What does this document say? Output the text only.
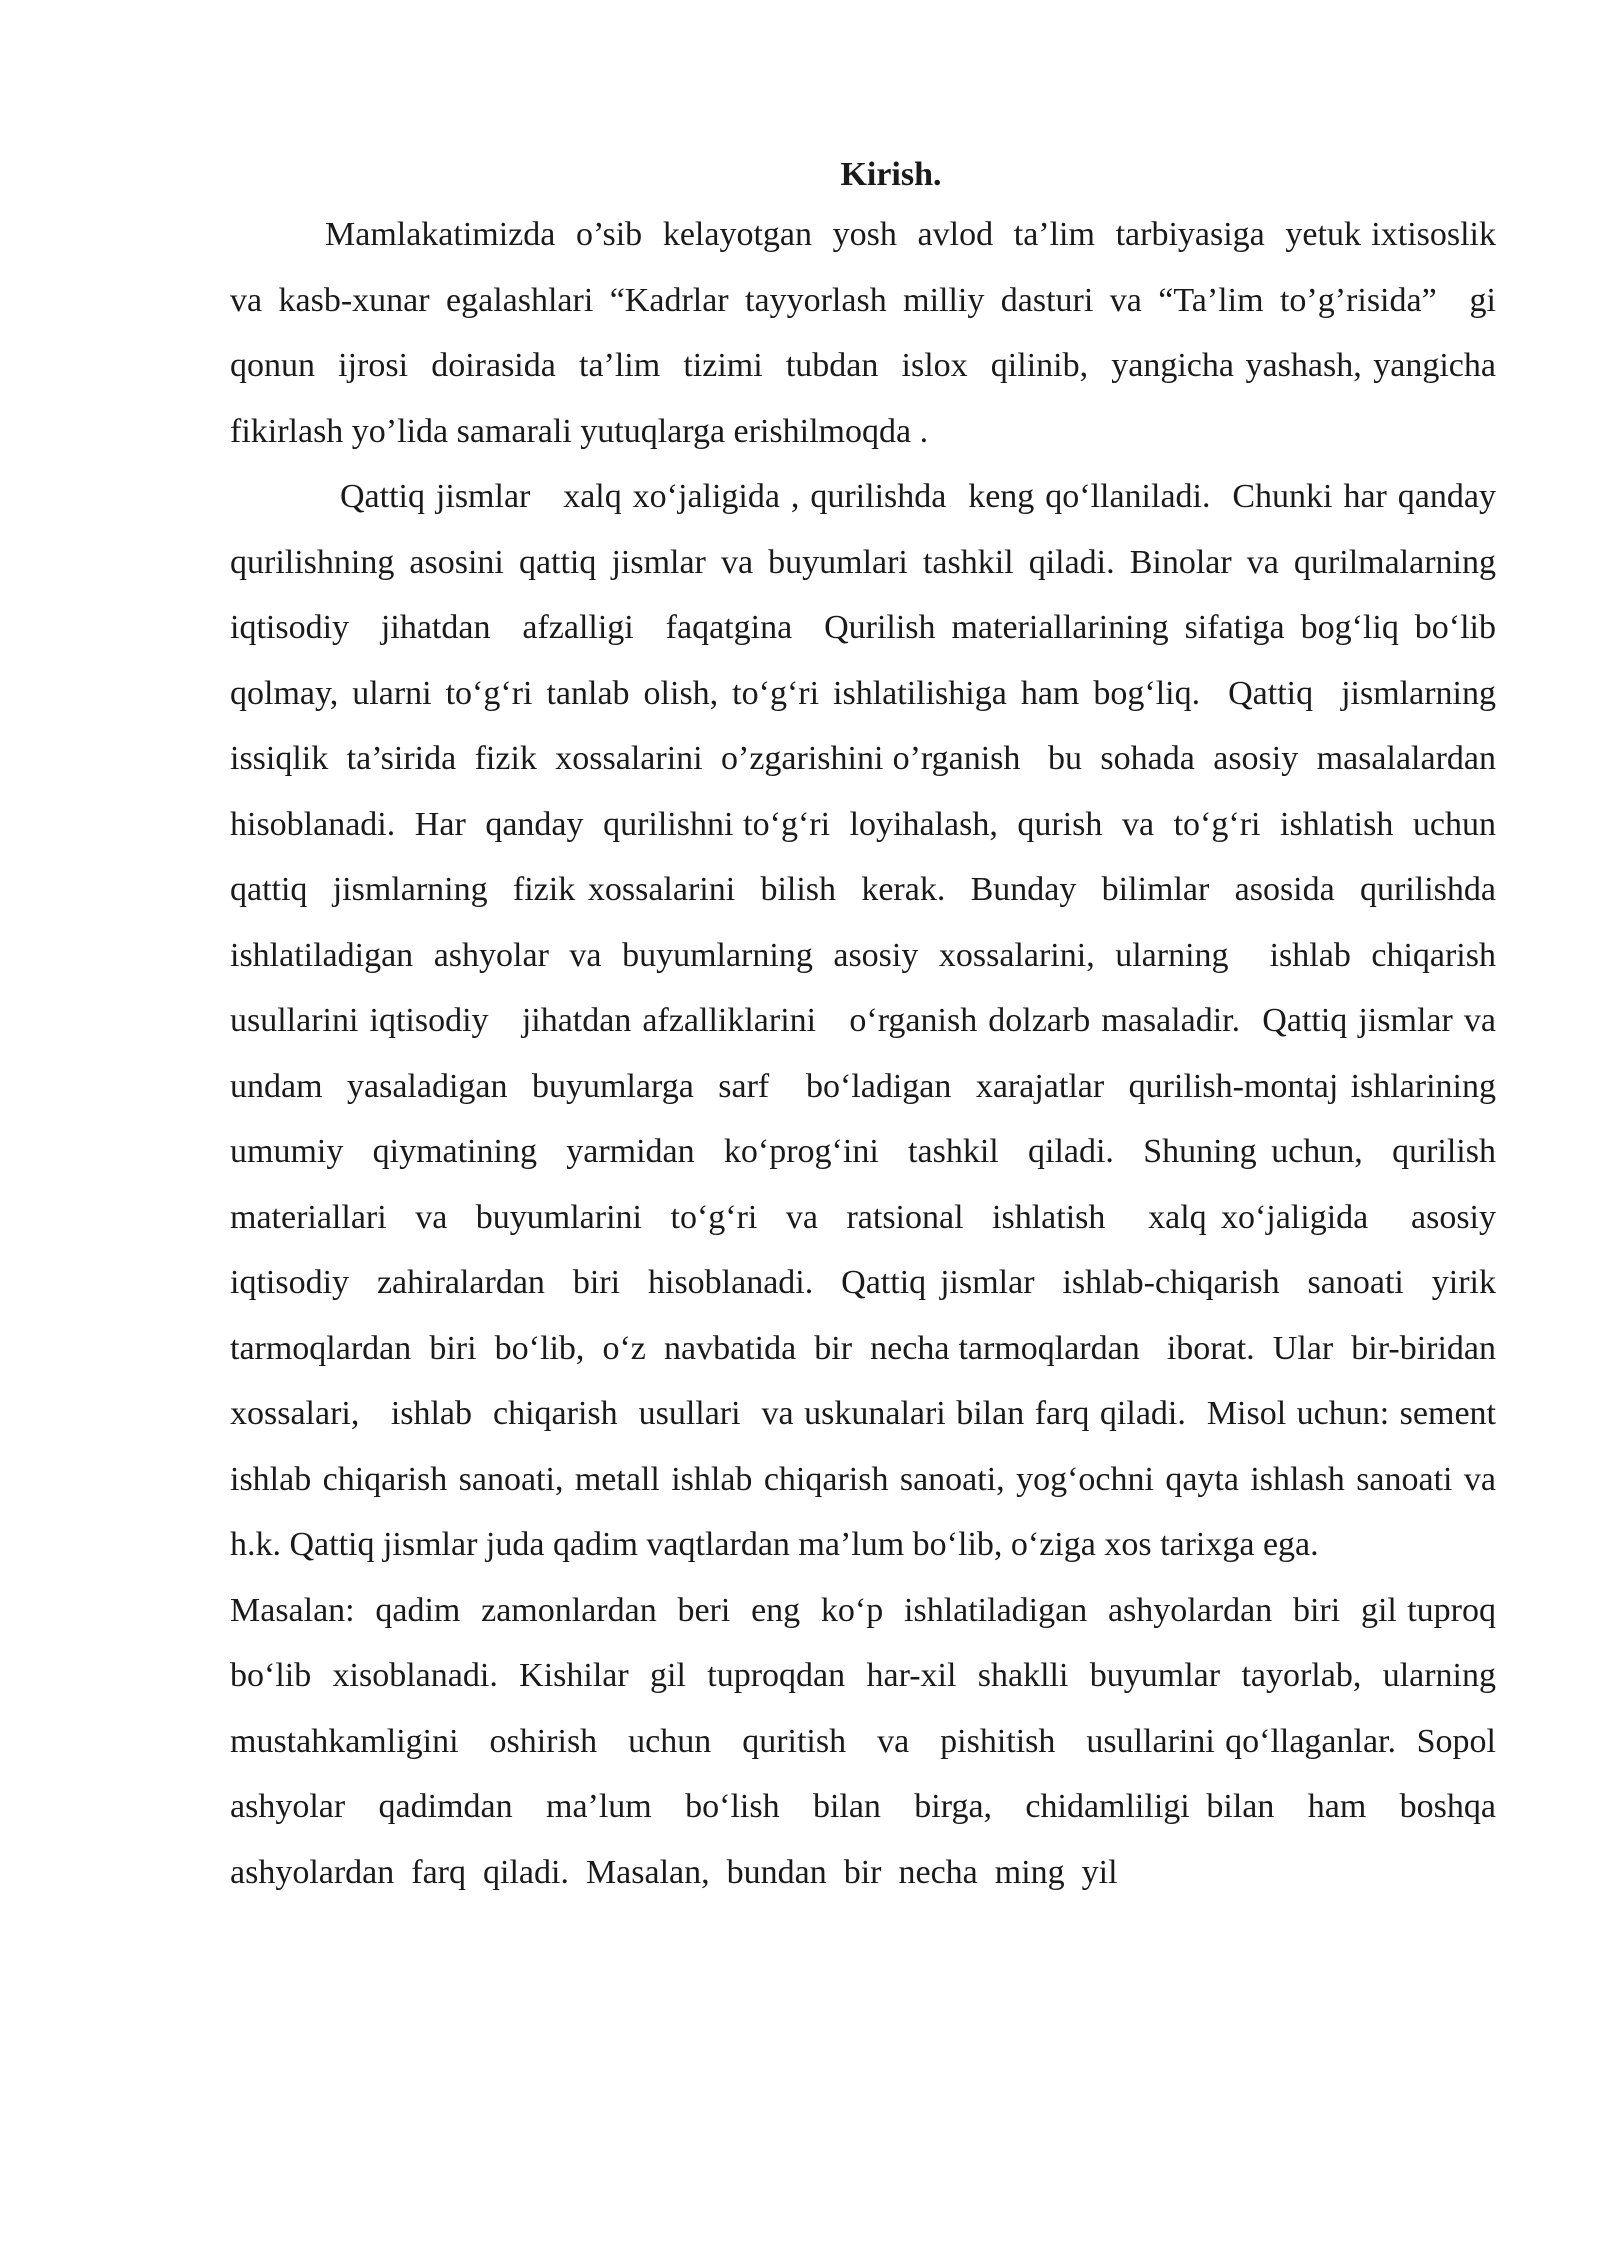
Kirish.

Mamlakatimizda  o’sib  kelayotgan  yosh  avlod  ta’lim  tarbiyasiga  yetuk ixtisoslik va kasb-xunar egalashlari “Kadrlar tayyorlash milliy dasturi va “Ta’lim to’g’risida”  gi  qonun  ijrosi  doirasida  ta’lim  tizimi  tubdan  islox  qilinib,  yangicha yashash, yangicha fikirlash yo’lida samarali yutuqlarga erishilmoqda .

Qattiq jismlar   xalq xo‘jaligida , qurilishda  keng qo‘llaniladi.  Chunki har qanday qurilishning asosini qattiq jismlar va buyumlari tashkil qiladi. Binolar va qurilmalarning  iqtisodiy  jihatdan  afzalligi  faqatgina  Qurilish materiallarining sifatiga bog‘liq bo‘lib qolmay, ularni to‘g‘ri tanlab olish, to‘g‘ri ishlatilishiga ham bog‘liq.  Qattiq  jismlarning  issiqlik  ta’sirida  fizik  xossalarini  o’zgarishini o’rganish   bu  sohada  asosiy  masalalardan  hisoblanadi.  Har  qanday  qurilishni to‘g‘ri  loyihalash,  qurish  va  to‘g‘ri  ishlatish  uchun   qattiq  jismlarning  fizik xossalarini  bilish  kerak.  Bunday  bilimlar  asosida  qurilishda   ishlatiladigan ashyolar va buyumlarning asosiy xossalarini, ularning  ishlab chiqarish  usullarini iqtisodiy   jihatdan afzalliklarini   o‘rganish dolzarb masaladir.  Qattiq jismlar va undam  yasaladigan  buyumlarga  sarf   bo‘ladigan  xarajatlar  qurilish-montaj ishlarining  umumiy  qiymatining  yarmidan  ko‘prog‘ini  tashkil  qiladi.  Shuning uchun,  qurilish  materiallari  va  buyumlarini  to‘g‘ri  va  ratsional  ishlatish   xalq xo‘jaligida   asosiy  iqtisodiy  zahiralardan  biri  hisoblanadi.  Qattiq jismlar  ishlab-chiqarish  sanoati  yirik  tarmoqlardan  biri  bo‘lib,  o‘z  navbatida  bir  necha tarmoqlardan   iborat.  Ular  bir-biridan   xossalari,   ishlab  chiqarish  usullari  va uskunalari bilan farq qiladi.  Misol uchun: sement ishlab chiqarish sanoati, metall ishlab chiqarish sanoati, yog‘ochni qayta ishlash sanoati va h.k. Qattiq jismlar juda qadim vaqtlardan ma’lum bo‘lib, o‘ziga xos tarixga ega.

Masalan:  qadim  zamonlardan  beri  eng  ko‘p  ishlatiladigan  ashyolardan  biri  gil tuproq bo‘lib xisoblanadi. Kishilar gil tuproqdan har-xil shaklli buyumlar tayorlab, ularning   mustahkamligini   oshirish   uchun   quritish   va   pishitish   usullarini qo‘llaganlar.  Sopol  ashyolar  qadimdan  ma’lum  bo‘lish  bilan  birga,  chidamliligi bilan  ham  boshqa  ashyolardan  farq  qiladi.  Masalan,  bundan  bir  necha  ming  yil
